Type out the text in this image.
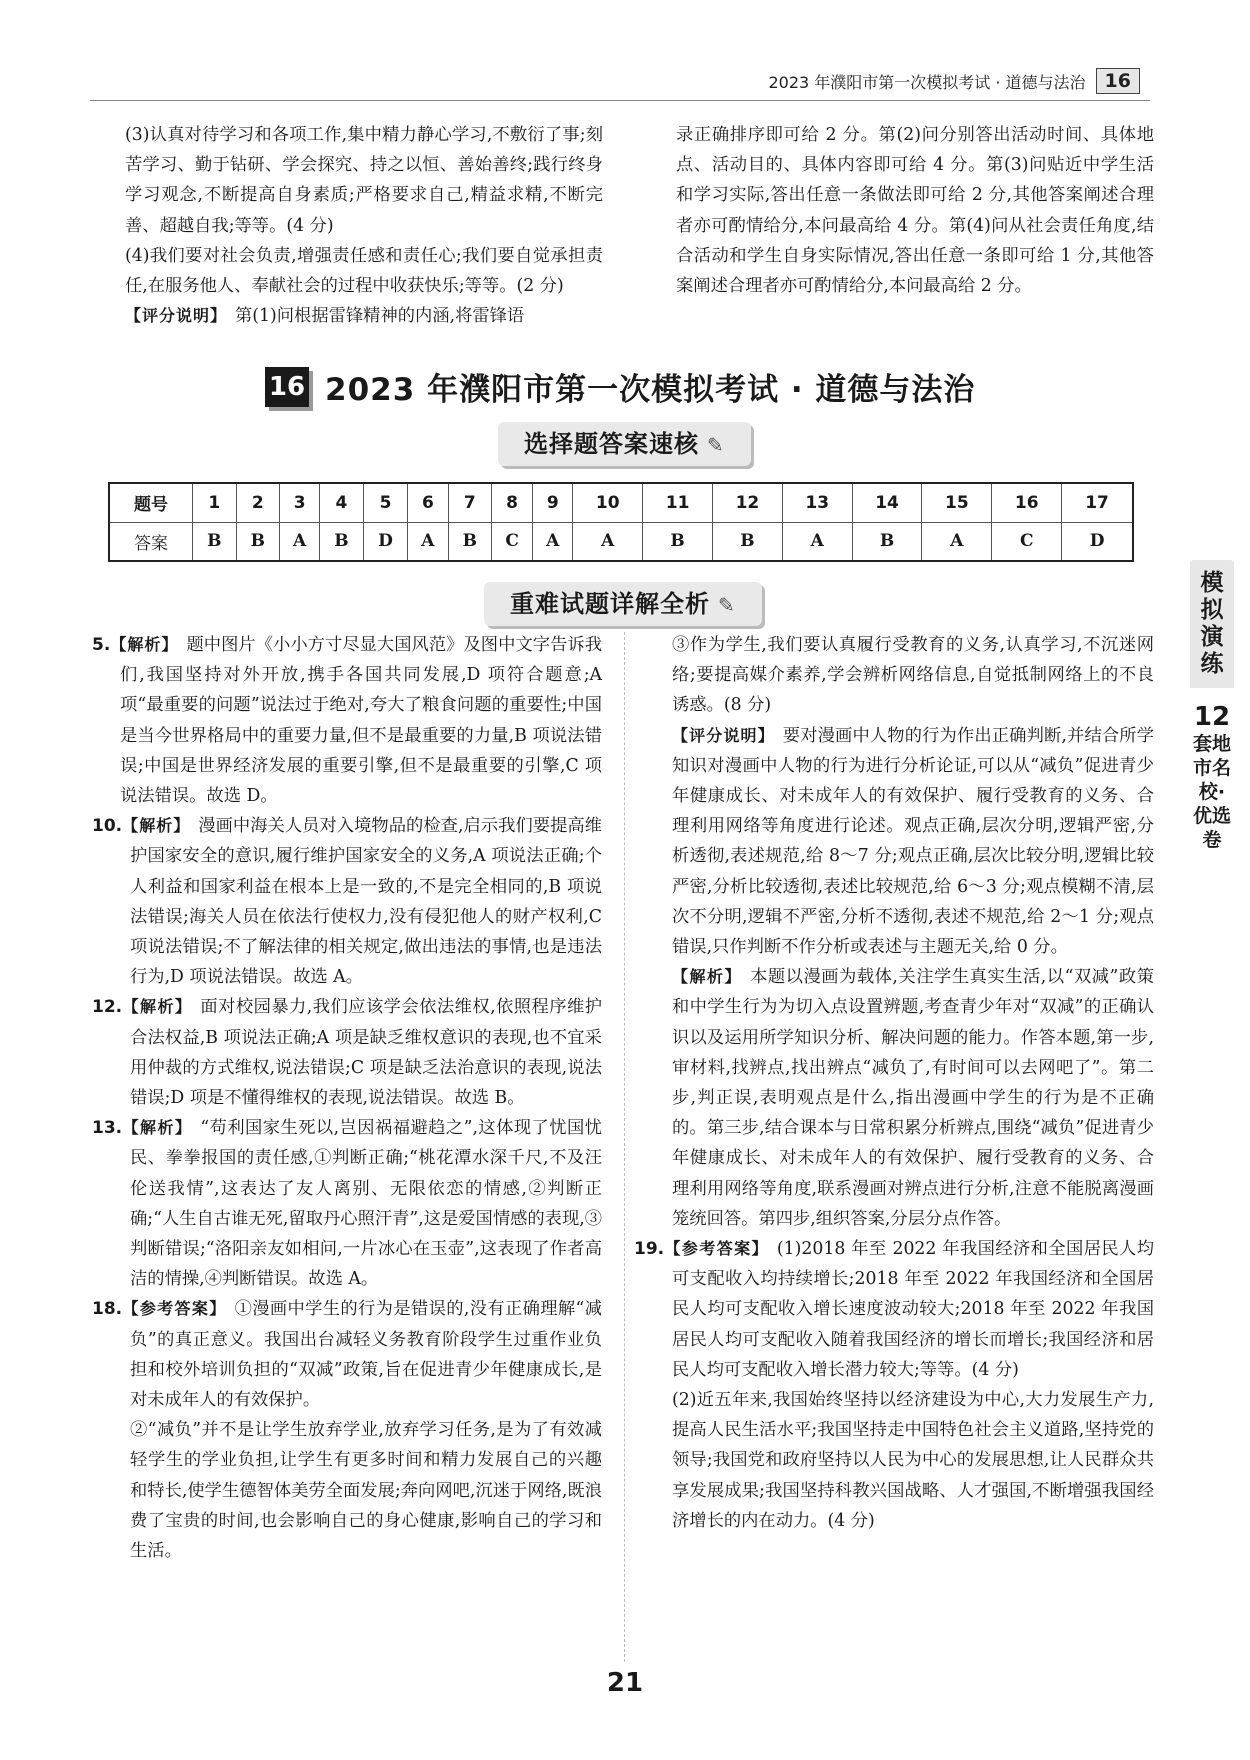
2023 年濮阳市第一次模拟考试 · 道德与法治	16

(3)认真对待学习和各项工作,集中精力静心学习,不敷衍了事;刻苦学习、勤于钻研、学会探究、持之以恒、善始善终;践行终身学习观念,不断提高自身素质;严格要求自己,精益求精,不断完善、超越自我;等等。(4 分)

(4)我们要对社会负责,增强责任感和责任心;我们要自觉承担责任,在服务他人、奉献社会的过程中收获快乐;等等。(2 分)

【评分说明】 第(1)问根据雷锋精神的内涵,将雷锋语

录正确排序即可给 2 分。第(2)问分别答出活动时间、具体地点、活动目的、具体内容即可给 4 分。第(3)问贴近中学生活和学习实际,答出任意一条做法即可给 2 分,其他答案阐述合理者亦可酌情给分,本问最高给 4 分。第(4)问从社会责任角度,结合活动和学生自身实际情况,答出任意一条即可给 1 分,其他答案阐述合理者亦可酌情给分,本问最高给 2 分。

16 2023 年濮阳市第一次模拟考试 · 道德与法治
选择题答案速核 ✎
题号	1	2	3	4	5	6	7	8	9	10	11	12	13	14	15	16	17
答案	B	B	A	B	D	A	B	C	A	A	B	B	A	B	A	C	D
重难试题详解全析 ✎
模拟演练
12
套地市名校·优选卷

5.【解析】 题中图片《小小方寸尽显大国风范》及图中文字告诉我们,我国坚持对外开放,携手各国共同发展,D 项符合题意;A 项“最重要的问题”说法过于绝对,夸大了粮食问题的重要性;中国是当今世界格局中的重要力量,但不是最重要的力量,B 项说法错误;中国是世界经济发展的重要引擎,但不是最重要的引擎,C 项说法错误。故选 D。

10.【解析】 漫画中海关人员对入境物品的检查,启示我们要提高维护国家安全的意识,履行维护国家安全的义务,A 项说法正确;个人利益和国家利益在根本上是一致的,不是完全相同的,B 项说法错误;海关人员在依法行使权力,没有侵犯他人的财产权利,C 项说法错误;不了解法律的相关规定,做出违法的事情,也是违法行为,D 项说法错误。故选 A。

12.【解析】 面对校园暴力,我们应该学会依法维权,依照程序维护合法权益,B 项说法正确;A 项是缺乏维权意识的表现,也不宜采用仲裁的方式维权,说法错误;C 项是缺乏法治意识的表现,说法错误;D 项是不懂得维权的表现,说法错误。故选 B。

13.【解析】 “苟利国家生死以,岂因祸福避趋之”,这体现了忧国忧民、拳拳报国的责任感,①判断正确;“桃花潭水深千尺,不及汪伦送我情”,这表达了友人离别、无限依恋的情感,②判断正确;“人生自古谁无死,留取丹心照汗青”,这是爱国情感的表现,③判断错误;“洛阳亲友如相问,一片冰心在玉壶”,这表现了作者高洁的情操,④判断错误。故选 A。

18.【参考答案】 ①漫画中学生的行为是错误的,没有正确理解“减负”的真正意义。我国出台减轻义务教育阶段学生过重作业负担和校外培训负担的“双减”政策,旨在促进青少年健康成长,是对未成年人的有效保护。

②“减负”并不是让学生放弃学业,放弃学习任务,是为了有效减轻学生的学业负担,让学生有更多时间和精力发展自己的兴趣和特长,使学生德智体美劳全面发展;奔向网吧,沉迷于网络,既浪费了宝贵的时间,也会影响自己的身心健康,影响自己的学习和生活。

③作为学生,我们要认真履行受教育的义务,认真学习,不沉迷网络;要提高媒介素养,学会辨析网络信息,自觉抵制网络上的不良诱惑。(8 分)

【评分说明】 要对漫画中人物的行为作出正确判断,并结合所学知识对漫画中人物的行为进行分析论证,可以从“减负”促进青少年健康成长、对未成年人的有效保护、履行受教育的义务、合理利用网络等角度进行论述。观点正确,层次分明,逻辑严密,分析透彻,表述规范,给 8～7 分;观点正确,层次比较分明,逻辑比较严密,分析比较透彻,表述比较规范,给 6～3 分;观点模糊不清,层次不分明,逻辑不严密,分析不透彻,表述不规范,给 2～1 分;观点错误,只作判断不作分析或表述与主题无关,给 0 分。

【解析】 本题以漫画为载体,关注学生真实生活,以“双减”政策和中学生行为为切入点设置辨题,考查青少年对“双减”的正确认识以及运用所学知识分析、解决问题的能力。作答本题,第一步,审材料,找辨点,找出辨点“减负了,有时间可以去网吧了”。第二步,判正误,表明观点是什么,指出漫画中学生的行为是不正确的。第三步,结合课本与日常积累分析辨点,围绕“减负”促进青少年健康成长、对未成年人的有效保护、履行受教育的义务、合理利用网络等角度,联系漫画对辨点进行分析,注意不能脱离漫画笼统回答。第四步,组织答案,分层分点作答。

19.【参考答案】 (1)2018 年至 2022 年我国经济和全国居民人均可支配收入均持续增长;2018 年至 2022 年我国经济和全国居民人均可支配收入增长速度波动较大;2018 年至 2022 年我国居民人均可支配收入随着我国经济的增长而增长;我国经济和居民人均可支配收入增长潜力较大;等等。(4 分)

(2)近五年来,我国始终坚持以经济建设为中心,大力发展生产力,提高人民生活水平;我国坚持走中国特色社会主义道路,坚持党的领导;我国党和政府坚持以人民为中心的发展思想,让人民群众共享发展成果;我国坚持科教兴国战略、人才强国,不断增强我国经济增长的内在动力。(4 分)

21
